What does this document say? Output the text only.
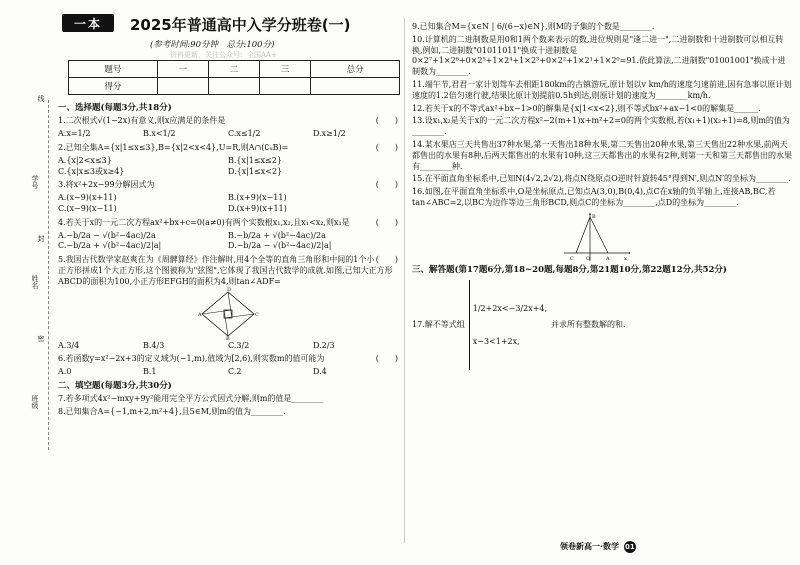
一本	2025年普通高中入学分班卷(一)
(参考时间:90分钟　总分:100分)
资料更新，关注公众号：全国AA+
题号	一	二	三	总分
得分				
线
学号
封
姓名
密
班级
一、选择题(每题3分,共18分)
(　　)
1.二次根式√(1−2x)有意义,则x应满足的条件是
A.x=1/2	B.x<1/2	C.x≤1/2	D.x≥1/2
(　　)
2.已知全集A={x|1≤x≤3},B={x|2<x<4},U=R,则A∩(∁ᵤB)=
A.{x|2<x≤3}	B.{x|1≤x≤2}
C.{x|x≤3或x≥4}	D.{x|1≤x<2}
(　　)
3.将x²+2x−99分解因式为
A.(x−9)(x+11)	B.(x+9)(x−11)
C.(x−9)(x−11)	D.(x+9)(x+11)
(　　)
4.若关于x的一元二次方程ax²+bx+c=0(a≠0)有两个实数根x₁,x₂,且x₁<x₂,则x₁是
A.−b/2a − √(b²−4ac)/2a	B.−b/2a + √(b²−4ac)/2a
C.−b/2a + √(b²−4ac)/2|a|	D.−b/2a − √(b²−4ac)/2|a|
(　　)
5.我国古代数学家赵爽在为《周髀算经》作注解时,用4个全等的直角三角形和中间的1个小正方形拼成1个大正方形,这个图被称为"弦图",它体现了我国古代数学的成就.如图,已知大正方形ABCD的面积为100,小正方形EFGH的面积为4,则tan∠ADF=
D
C
B
A
A.3/4	B.4/3	C.3/2	D.2/3
(　　)
6.若函数y=x²−2x+3的定义域为(−1,m),值域为[2,6),则实数m的值可能为
A.0	B.1	C.2	D.4
二、填空题(每题3分,共30分)
7.若多项式4x²−mxy+9y²能用完全平方公式因式分解,则m的值是________
8.已知集合A={−1,m+2,m²+4},且5∈M,则m的值为________.
9.已知集合M={x∈N | 6/(6−x)∈N},则M的子集的个数是________.
10.计算机的二进制数是用0和1两个数来表示的数,进位规则是"逢二进一",二进制数和十进制数可以相互转换,例如,二进制数"01011011"换成十进制数是0×2⁷+1×2⁶+0×2⁵+1×2⁴+1×2³+0×2²+1×2¹+1×2⁰=91.依此算法,二进制数"01001001"换成十进制数为________.
11.端午节,君君一家计划驾车去相距180km的古镇游玩,原计划以v km/h的速度匀速前进,因有急事以原计划速度的1.2倍匀速行驶,结果比原计划提前0.5h到达,则原计划的速度为________km/h.
12.若关于x的不等式ax²+bx−1>0的解集是{x|1<x<2},则不等式bx²+ax−1<0的解集是______.
13.设x₁,x₂是关于x的一元二次方程x²−2(m+1)x+m²+2=0的两个实数根,若(x₁+1)(x₂+1)=8,则m的值为________.
14.某水果店三天共售出37种水果,第一天售出18种水果,第二天售出20种水果,第三天售出22种水果,前两天都售出的水果有8种,后两天都售出的水果有10种,这三天都售出的水果有2种,则第一天和第三天都售出的水果有________种.
15.在平面直角坐标系中,已知N(4√2,2√2),将点N绕原点O逆时针旋转45°得到N′,则点N′的坐标为________.
16.如图,在平面直角坐标系中,O是坐标原点,已知点A(3,0),B(0,4),点C在x轴的负半轴上,连接AB,BC,若tan∠ABC=2,以BC为边作等边三角形BCD,则点C的坐标为________,点D的坐标为________.
B
C O	A	x
三、解答题(第17题6分,第18~20题,每题8分,第21题10分,第22题12分,共52分)
17.解不等式组

1/2+2x<−3/2x+4,

x−3<1+2x,

并求所有整数解的和.
领卷新高一·数学 01
